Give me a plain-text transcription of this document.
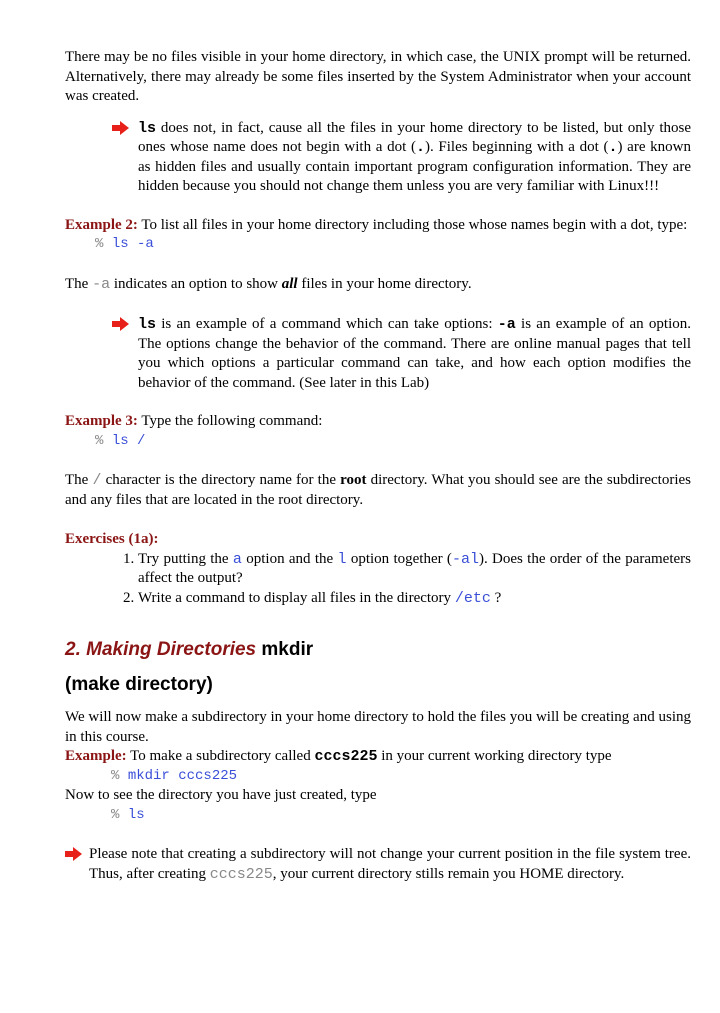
There may be no files visible in your home directory, in which case, the UNIX prompt will be returned. Alternatively, there may already be some files inserted by the System Administrator when your account was created.

ls does not, in fact, cause all the files in your home directory to be listed, but only those ones whose name does not begin with a dot (.). Files beginning with a dot (.) are known as hidden files and usually contain important program configuration information. They are hidden because you should not change them unless you are very familiar with Linux!!!
Example 2: To list all files in your home directory including those whose names begin with a dot, type:
% ls -a

The -a indicates an option to show all files in your home directory.

ls is an example of a command which can take options: -a is an example of an option. The options change the behavior of the command. There are online manual pages that tell you which options a particular command can take, and how each option modifies the behavior of the command. (See later in this Lab)
Example 3: Type the following command:
% ls /

The / character is the directory name for the root directory. What you should see are the subdirectories and any files that are located in the root directory.

Exercises (1a):
1. Try putting the a option and the l option together (-al). Does the order of the parameters affect the output?
2. Write a command to display all files in the directory /etc ?
2. Making Directories mkdir
(make directory)

We will now make a subdirectory in your home directory to hold the files you will be creating and using in this course.

Example: To make a subdirectory called cccs225 in your current working directory type
% mkdir cccs225

Now to see the directory you have just created, type

% ls
Please note that creating a subdirectory will not change your current position in the file system tree. Thus, after creating cccs225, your current directory stills remain you HOME directory.
